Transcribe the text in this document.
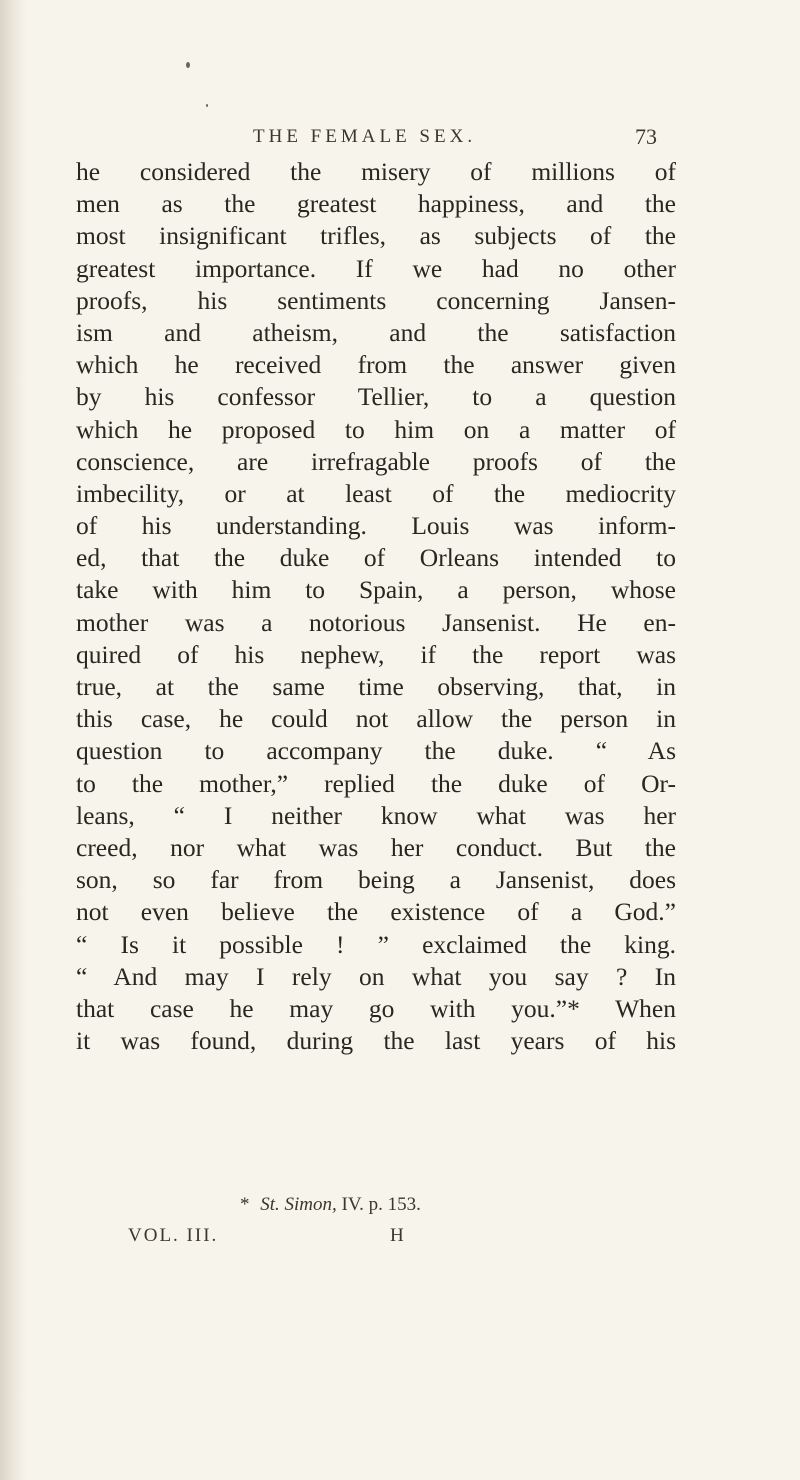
THE FEMALE SEX.	73
he considered the misery of millions of
men as the greatest happiness, and the
most insignificant trifles, as subjects of the
greatest importance. If we had no other
proofs, his sentiments concerning Jansen-
ism and atheism, and the satisfaction
which he received from the answer given
by his confessor Tellier, to a question
which he proposed to him on a matter of
conscience, are irrefragable proofs of the
imbecility, or at least of the mediocrity
of his understanding. Louis was inform-
ed, that the duke of Orleans intended to
take with him to Spain, a person, whose
mother was a notorious Jansenist. He en-
quired of his nephew, if the report was
true, at the same time observing, that, in
this case, he could not allow the person in
question to accompany the duke. “ As
to the mother,” replied the duke of Or-
leans, “ I neither know what was her
creed, nor what was her conduct. But the
son, so far from being a Jansenist, does
not even believe the existence of a God.”
“ Is it possible ! ” exclaimed the king.
“ And may I rely on what you say ? In
that case he may go with you.”* When
it was found, during the last years of his
* St. Simon, IV. p. 153.
VOL. III.	H
